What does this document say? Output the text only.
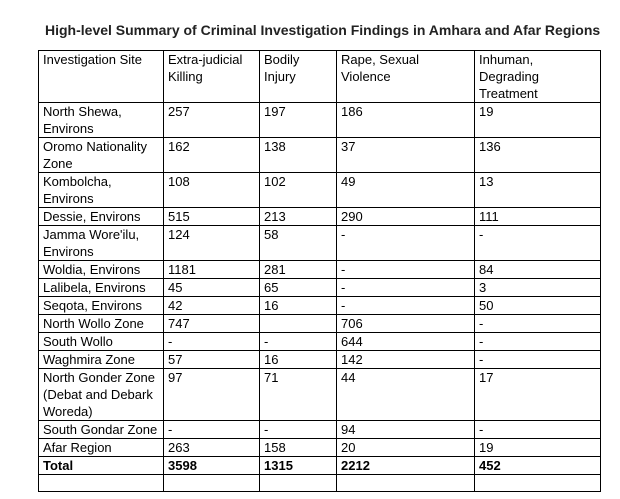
High-level Summary of Criminal Investigation Findings in Amhara and Afar Regions
Investigation Site	Extra-judicial Killing	Bodily Injury	Rape, Sexual Violence	Inhuman, Degrading Treatment
North Shewa, Environs	257	197	186	19
Oromo Nationality Zone	162	138	37	136
Kombolcha, Environs	108	102	49	13
Dessie, Environs	515	213	290	111
Jamma Wore'ilu, Environs	124	58	-	-
Woldia, Environs	1181	281	-	84
Lalibela, Environs	45	65	-	3
Seqota, Environs	42	16	-	50
North Wollo Zone	747		706	-
South Wollo	-	-	644	-
Waghmira Zone	57	16	142	-
North Gonder Zone (Debat and Debark Woreda)	97	71	44	17
South Gondar Zone	-	-	94	-
Afar Region	263	158	20	19
Total	3598	1315	2212	452
